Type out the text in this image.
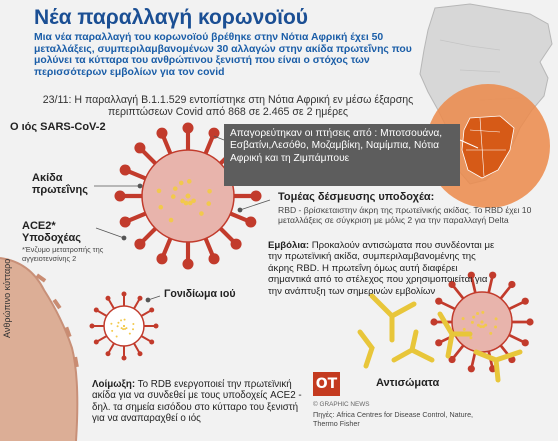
Νέα παραλλαγή κορωνοϊού
Μια νέα παραλλαγή του κορωνοϊού βρέθηκε στην Νότια Αφρική έχει 50 μεταλλάξεις, συμπεριλαμβανομένων 30 αλλαγών στην ακίδα πρωτεΐνης που μολύνει τα κύτταρα του ανθρώπινου ξενιστή που είναι ο στόχος των περισσότερων εμβολίων για τον covid
23/11: Η παραλλαγή B.1.1.529 εντοπίστηκε στη Νότια Αφρική εν μέσω έξαρσης περιπτώσεων Covid από 868 σε 2.465 σε 2 ημέρες
Ο ιός SARS-CoV-2
Ακίδα πρωτεΐνης
ACE2* Υποδοχέας
*Ένζυμο μετατροπής της αγγειοτενσίνης 2
Ανθρώπινο κύτταρο	Γονιδίωμα ιού
Απαγορεύτηκαν οι πτήσεις από : Μποτσουάνα, Εσβατίνι,Λεσόθο, Μοζαμβίκη, Ναμίμπια, Νότια Αφρική και τη Ζιμπάμπουε
Τομέας δέσμευσης υποδοχέα:
RBD - βρίσκεταιστην άκρη της πρωτεϊνικής ακίδας. Το RBD έχει 10 μεταλλάξεις σε σύγκριση με μόλις 2 για την παραλλαγή Delta
Εμβόλια: Προκαλούν αντισώματα που συνδέονται με την πρωτεϊνική ακίδα, συμπεριλαμβανομένης της άκρης RBD. Η πρωτεΐνη όμως αυτή διαφέρει σημαντικά από το στέλεχος που χρησιμοποιείται για την ανάπτυξη των σημερινών εμβολίων
Λοίμωξη: Το RDB ενεργοποιεί την πρωτεϊνική ακίδα για να συνδεθεί με τους υποδοχείς ACE2 - δηλ. τα σημεία εισόδου στο κύτταρο του ξενιστή για να αναπαραχθεί ο ιός
Αντισώματα
OT
© GRAPHIC NEWS
Πηγές: Africa Centres for Disease Control, Nature, Thermo Fisher
